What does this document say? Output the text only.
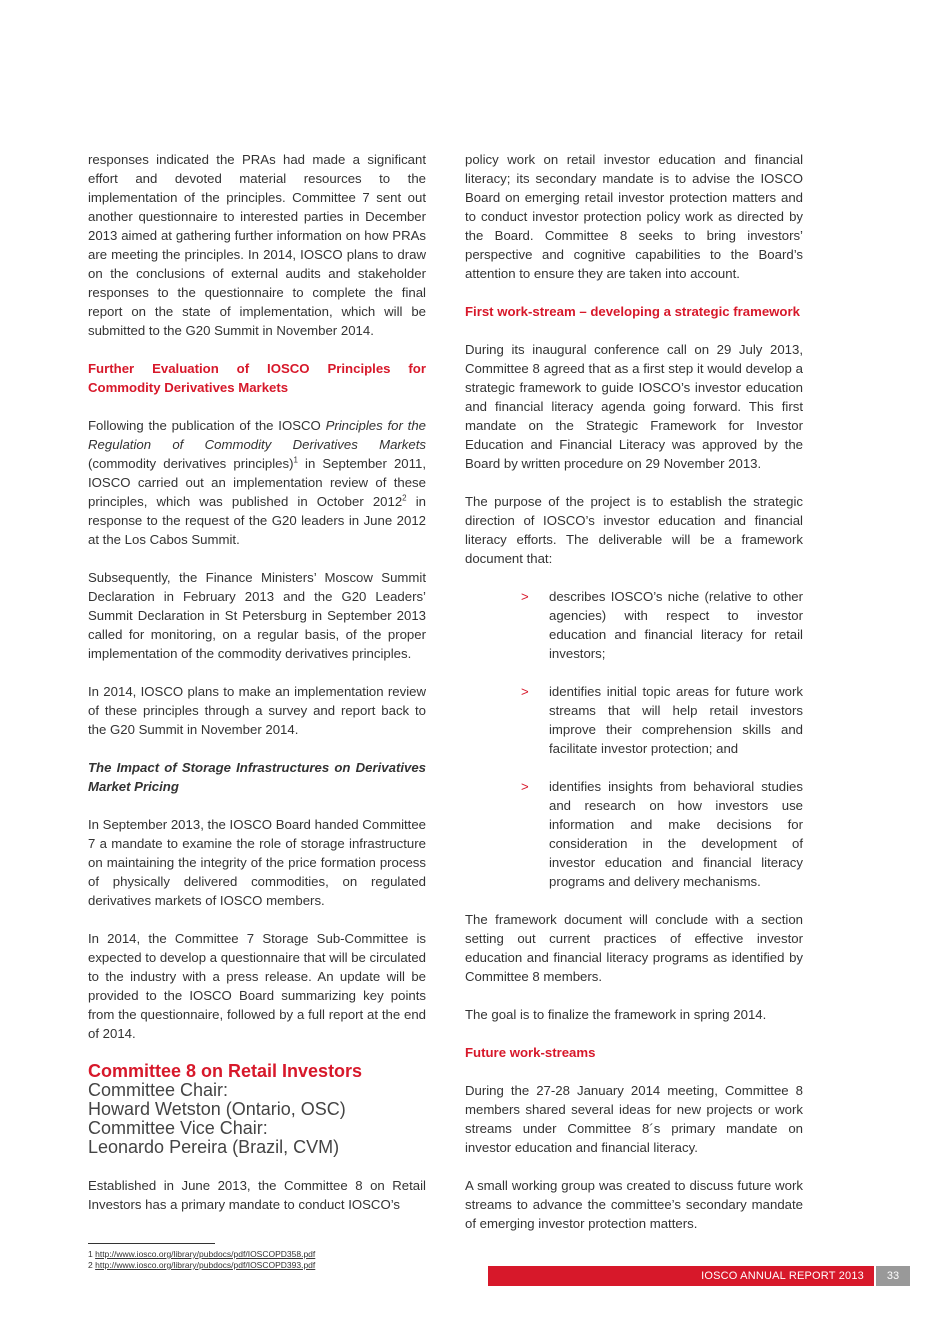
responses indicated the PRAs had made a significant effort and devoted material resources to the implementation of the principles. Committee 7 sent out another questionnaire to interested parties in December 2013 aimed at gathering further information on how PRAs are meeting the principles. In 2014, IOSCO plans to draw on the conclusions of external audits and stakeholder responses to the questionnaire to complete the final report on the state of implementation, which will be submitted to the G20 Summit in November 2014.

Further Evaluation of IOSCO Principles for Commodity Derivatives Markets

Following the publication of the IOSCO Principles for the Regulation of Commodity Derivatives Markets (commodity derivatives principles)$^1$ in September 2011, IOSCO carried out an implementation review of these principles, which was published in October 2012$^2$ in response to the request of the G20 leaders in June 2012 at the Los Cabos Summit.

Subsequently, the Finance Ministers’ Moscow Summit Declaration in February 2013 and the G20 Leaders’ Summit Declaration in St Petersburg in September 2013 called for monitoring, on a regular basis, of the proper implementation of the commodity derivatives principles.

In 2014, IOSCO plans to make an implementation review of these principles through a survey and report back to the G20 Summit in November 2014.

The Impact of Storage Infrastructures on Derivatives Market Pricing

In September 2013, the IOSCO Board handed Committee 7 a mandate to examine the role of storage infrastructure on maintaining the integrity of the price formation process of physically delivered commodities, on regulated derivatives markets of IOSCO members.

In 2014, the Committee 7 Storage Sub-Committee is expected to develop a questionnaire that will be circulated to the industry with a press release. An update will be provided to the IOSCO Board summarizing key points from the questionnaire, followed by a full report at the end of 2014.

Committee 8 on Retail Investors
Committee Chair:
Howard Wetston (Ontario, OSC)
Committee Vice Chair:
Leonardo Pereira (Brazil, CVM)

Established in June 2013, the Committee 8 on Retail Investors has a primary mandate to conduct IOSCO’s

policy work on retail investor education and financial literacy; its secondary mandate is to advise the IOSCO Board on emerging retail investor protection matters and to conduct investor protection policy work as directed by the Board. Committee 8 seeks to bring investors’ perspective and cognitive capabilities to the Board’s attention to ensure they are taken into account.

First work-stream – developing a strategic framework

During its inaugural conference call on 29 July 2013, Committee 8 agreed that as a first step it would develop a strategic framework to guide IOSCO’s investor education and financial literacy agenda going forward. This first mandate on the Strategic Framework for Investor Education and Financial Literacy was approved by the Board by written procedure on 29 November 2013.

The purpose of the project is to establish the strategic direction of IOSCO’s investor education and financial literacy efforts. The deliverable will be a framework document that:

> describes IOSCO’s niche (relative to other agencies) with respect to investor education and financial literacy for retail investors;
> identifies initial topic areas for future work streams that will help retail investors improve their comprehension skills and facilitate investor protection; and
> identifies insights from behavioral studies and research on how investors use information and make decisions for consideration in the development of investor education and financial literacy programs and delivery mechanisms.

The framework document will conclude with a section setting out current practices of effective investor education and financial literacy programs as identified by Committee 8 members.

The goal is to finalize the framework in spring 2014.

Future work-streams

During the 27-28 January 2014 meeting, Committee 8 members shared several ideas for new projects or work streams under Committee 8´s primary mandate on investor education and financial literacy.

A small working group was created to discuss future work streams to advance the committee’s secondary mandate of emerging investor protection matters.

1 http://www.iosco.org/library/pubdocs/pdf/IOSCOPD358.pdf
2 http://www.iosco.org/library/pubdocs/pdf/IOSCOPD393.pdf
IOSCO ANNUAL REPORT 2013	33
